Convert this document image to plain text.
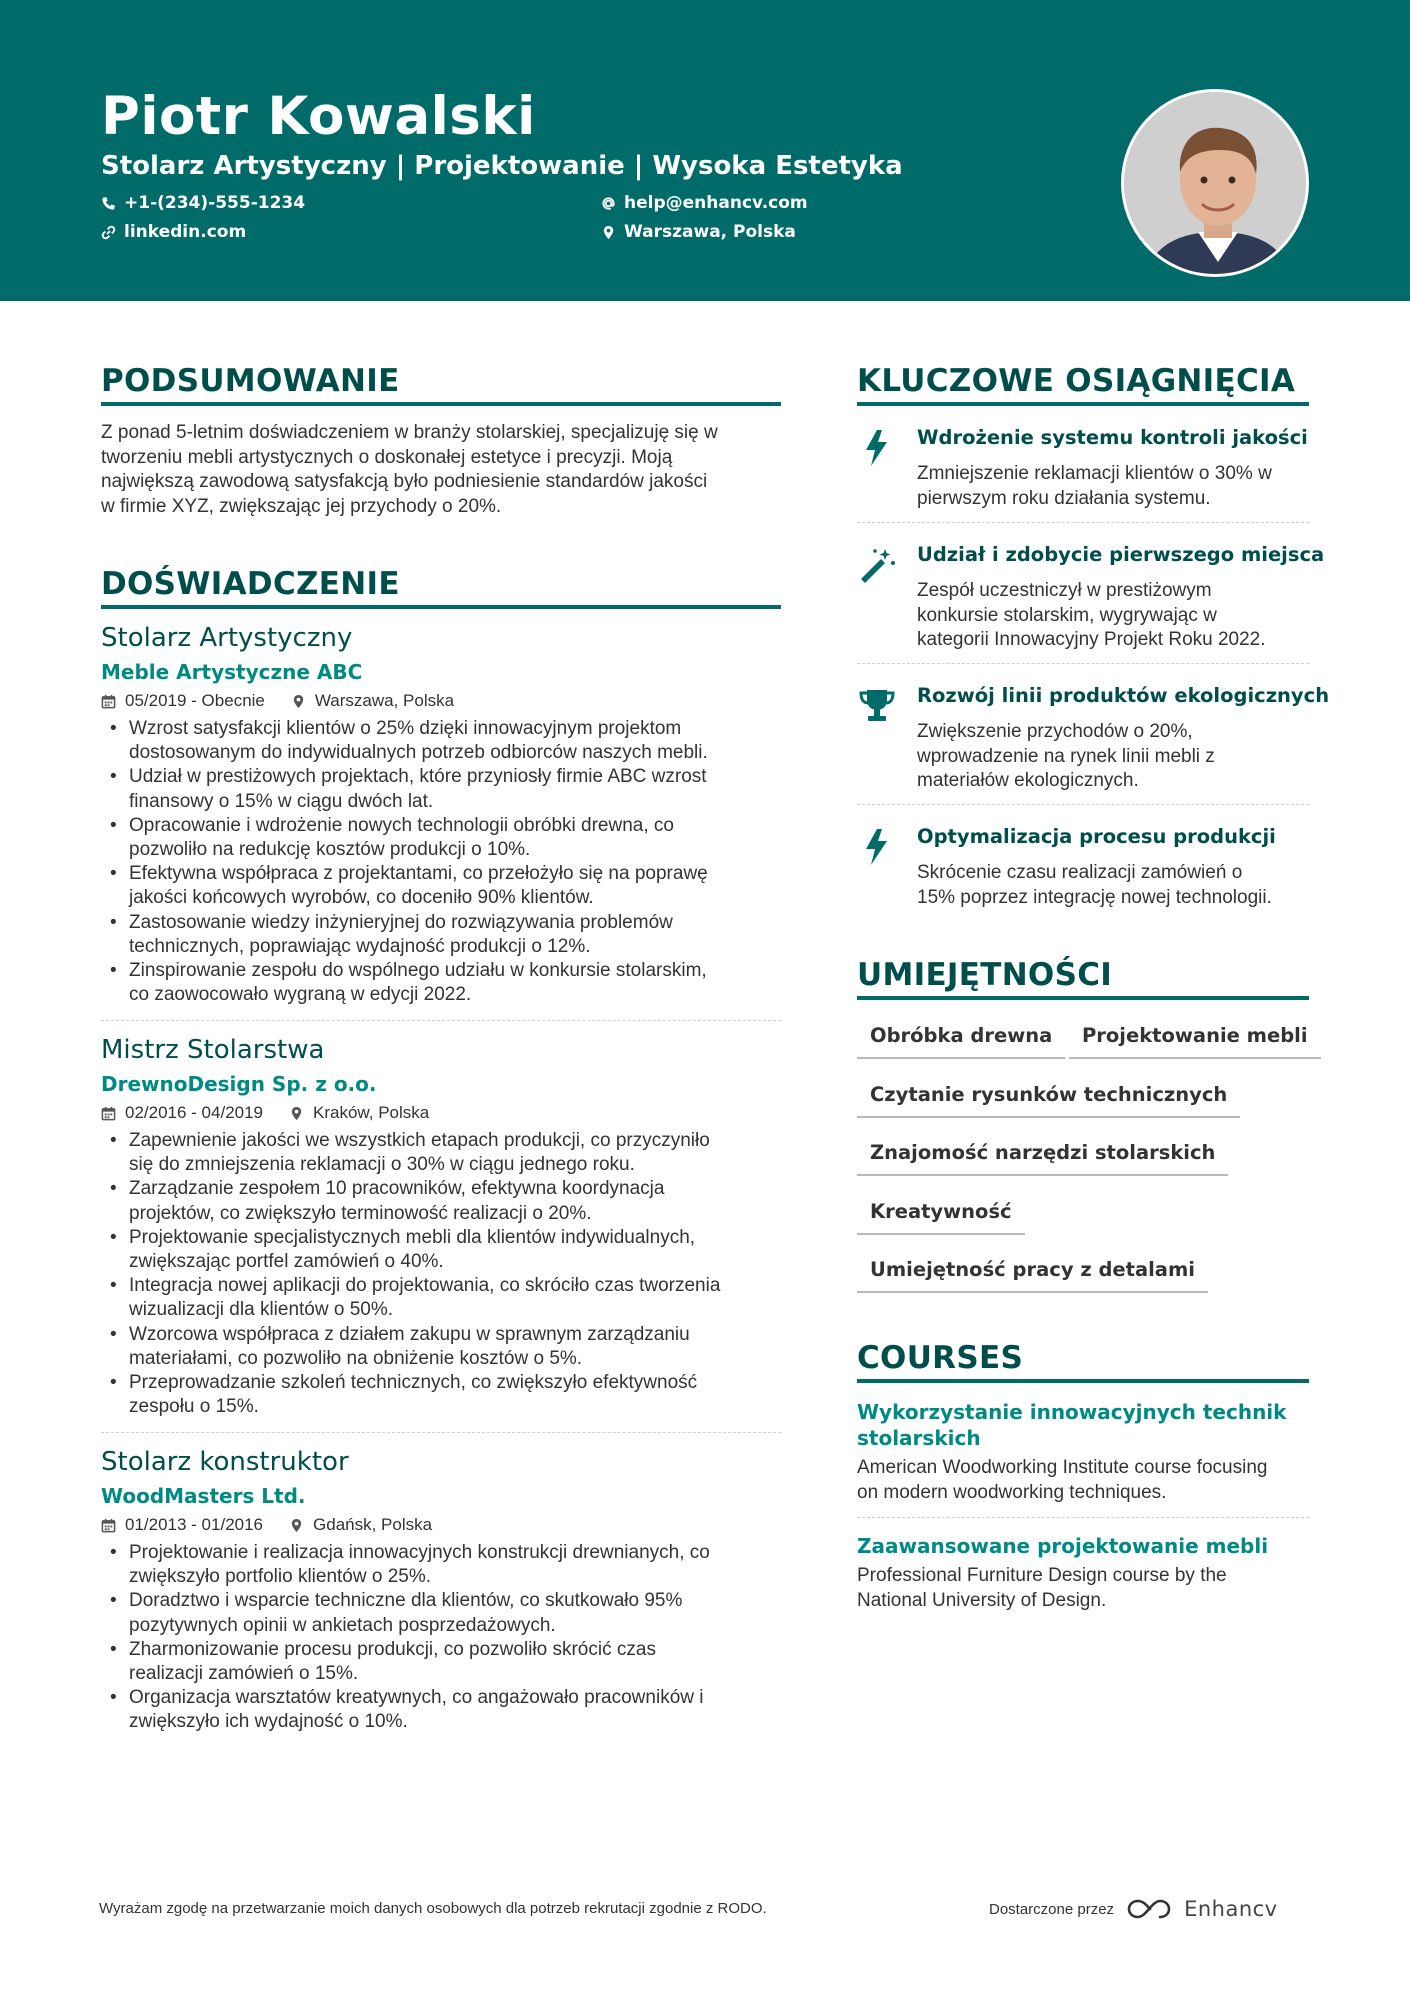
Piotr Kowalski
Stolarz Artystyczny | Projektowanie | Wysoka Estetyka
+1-(234)-555-1234	help@enhancv.com
linkedin.com	Warszawa, Polska
PODSUMOWANIE
Z ponad 5-letnim doświadczeniem w branży stolarskiej, specjalizuję się w
tworzeniu mebli artystycznych o doskonałej estetyce i precyzji. Moją
największą zawodową satysfakcją było podniesienie standardów jakości
w firmie XYZ, zwiększając jej przychody o 20%.
DOŚWIADCZENIE
Stolarz Artystyczny
Meble Artystyczne ABC
05/2019 - Obecnie	Warszawa, Polska
• Wzrost satysfakcji klientów o 25% dzięki innowacyjnym projektom
dostosowanym do indywidualnych potrzeb odbiorców naszych mebli.
• Udział w prestiżowych projektach, które przyniosły firmie ABC wzrost
finansowy o 15% w ciągu dwóch lat.
• Opracowanie i wdrożenie nowych technologii obróbki drewna, co
pozwoliło na redukcję kosztów produkcji o 10%.
• Efektywna współpraca z projektantami, co przełożyło się na poprawę
jakości końcowych wyrobów, co doceniło 90% klientów.
• Zastosowanie wiedzy inżynieryjnej do rozwiązywania problemów
technicznych, poprawiając wydajność produkcji o 12%.
• Zinspirowanie zespołu do wspólnego udziału w konkursie stolarskim,
co zaowocowało wygraną w edycji 2022.
Mistrz Stolarstwa
DrewnoDesign Sp. z o.o.
02/2016 - 04/2019	Kraków, Polska
• Zapewnienie jakości we wszystkich etapach produkcji, co przyczyniło
się do zmniejszenia reklamacji o 30% w ciągu jednego roku.
• Zarządzanie zespołem 10 pracowników, efektywna koordynacja
projektów, co zwiększyło terminowość realizacji o 20%.
• Projektowanie specjalistycznych mebli dla klientów indywidualnych,
zwiększając portfel zamówień o 40%.
• Integracja nowej aplikacji do projektowania, co skróciło czas tworzenia
wizualizacji dla klientów o 50%.
• Wzorcowa współpraca z działem zakupu w sprawnym zarządzaniu
materiałami, co pozwoliło na obniżenie kosztów o 5%.
• Przeprowadzanie szkoleń technicznych, co zwiększyło efektywność
zespołu o 15%.
Stolarz konstruktor
WoodMasters Ltd.
01/2013 - 01/2016	Gdańsk, Polska
• Projektowanie i realizacja innowacyjnych konstrukcji drewnianych, co
zwiększyło portfolio klientów o 25%.
• Doradztwo i wsparcie techniczne dla klientów, co skutkowało 95%
pozytywnych opinii w ankietach posprzedażowych.
• Zharmonizowanie procesu produkcji, co pozwoliło skrócić czas
realizacji zamówień o 15%.
• Organizacja warsztatów kreatywnych, co angażowało pracowników i
zwiększyło ich wydajność o 10%.
KLUCZOWE OSIĄGNIĘCIA
Wdrożenie systemu kontroli jakości
Zmniejszenie reklamacji klientów o 30% w
pierwszym roku działania systemu.
Udział i zdobycie pierwszego miejsca
Zespół uczestniczył w prestiżowym
konkursie stolarskim, wygrywając w
kategorii Innowacyjny Projekt Roku 2022.
Rozwój linii produktów ekologicznych
Zwiększenie przychodów o 20%,
wprowadzenie na rynek linii mebli z
materiałów ekologicznych.
Optymalizacja procesu produkcji
Skrócenie czasu realizacji zamówień o
15% poprzez integrację nowej technologii.
UMIEJĘTNOŚCI
Obróbka drewna	Projektowanie mebli
Czytanie rysunków technicznych
Znajomość narzędzi stolarskich
Kreatywność
Umiejętność pracy z detalami
COURSES
Wykorzystanie innowacyjnych technik
stolarskich
American Woodworking Institute course focusing
on modern woodworking techniques.
Zaawansowane projektowanie mebli
Professional Furniture Design course by the
National University of Design.
Wyrażam zgodę na przetwarzanie moich danych osobowych dla potrzeb rekrutacji zgodnie z RODO.	Dostarczone przez	Enhancv
